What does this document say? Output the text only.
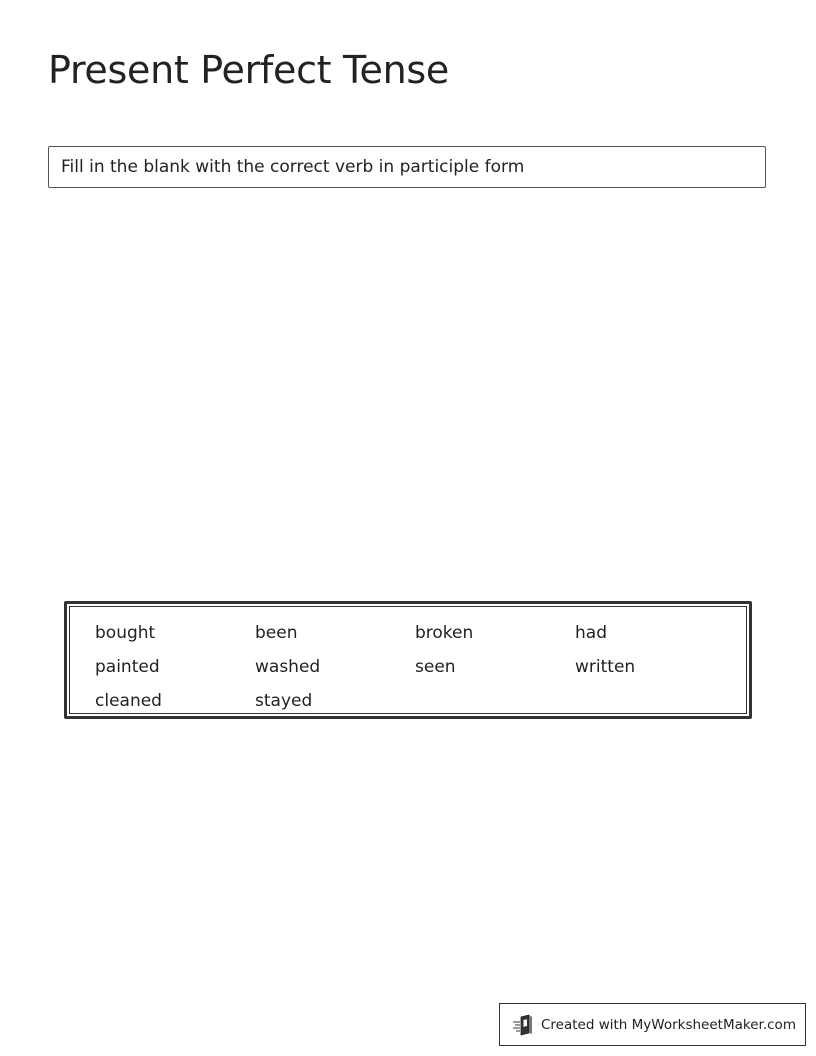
Present Perfect Tense
Fill in the blank with the correct verb in participle form
bought	been	broken	had
painted	washed	seen	written
cleaned	stayed
Created with MyWorksheetMaker.com
